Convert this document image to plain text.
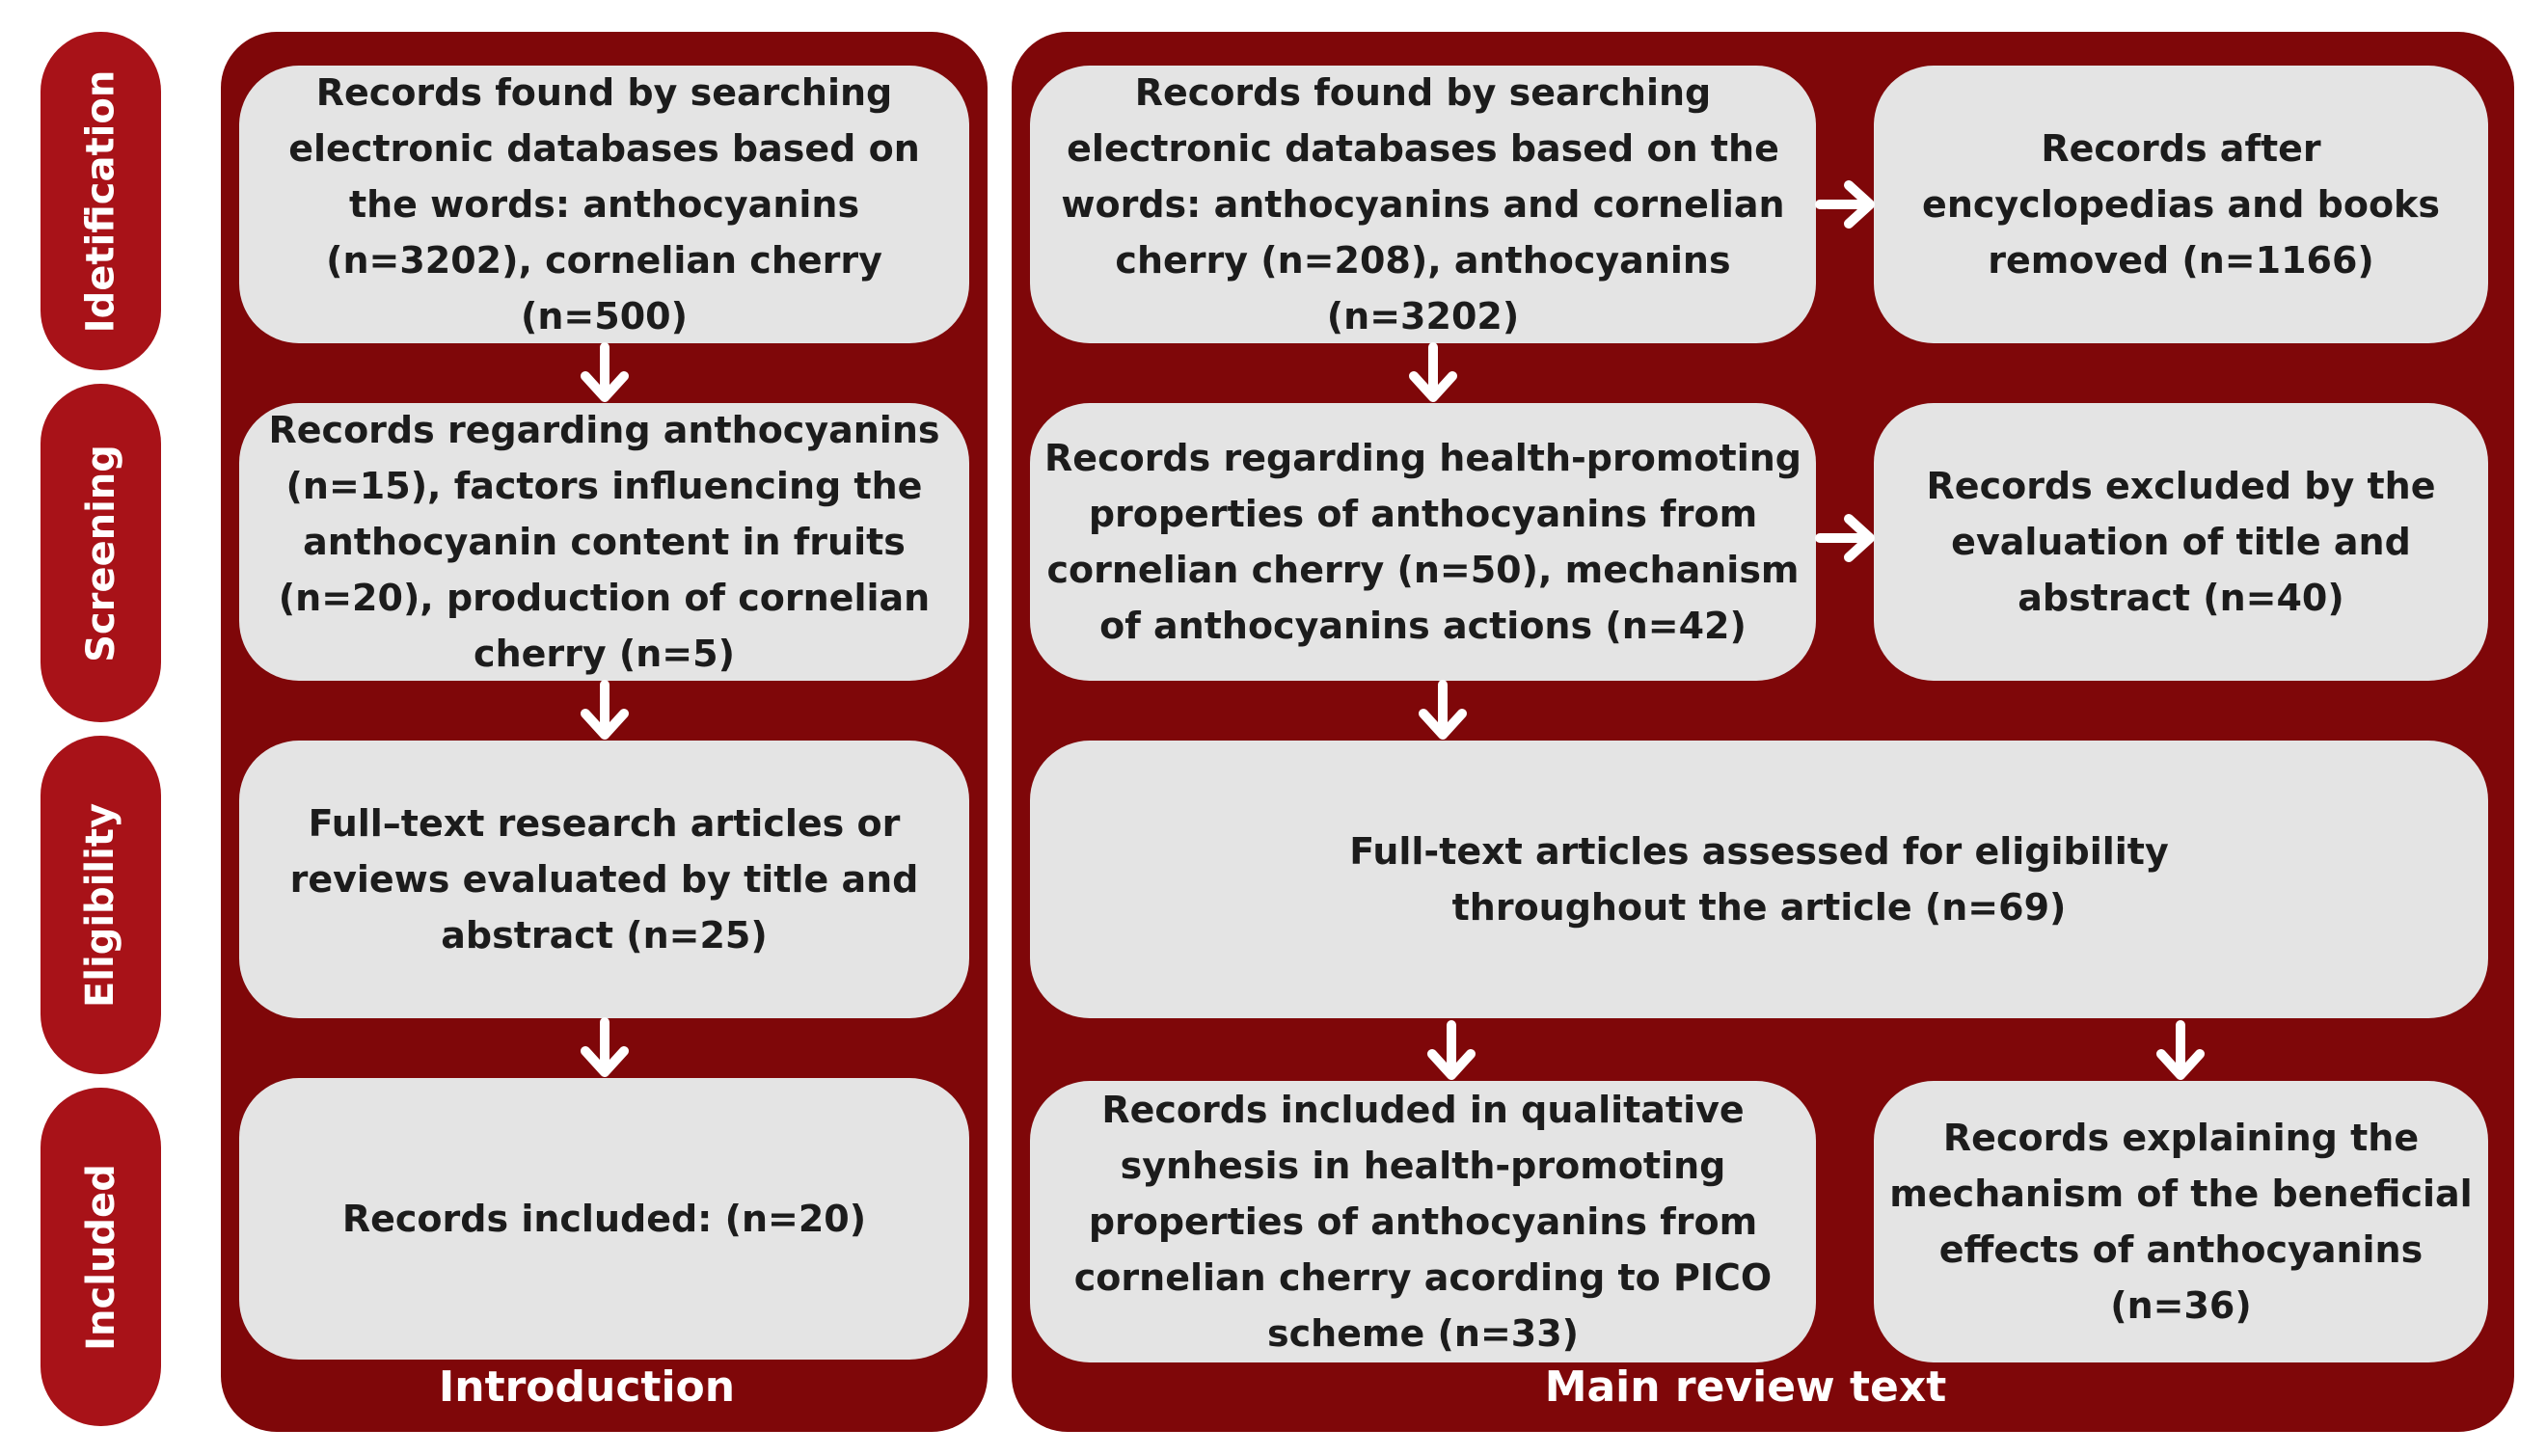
Idetification
Screening
Eligibility
Included
Introduction
Records found by searching electronic databases based on the words: anthocyanins (n=3202), cornelian cherry (n=500)
Records regarding anthocyanins (n=15), factors influencing the anthocyanin content in fruits (n=20), production of cornelian cherry (n=5)
Full–text research articles or reviews evaluated by title and abstract (n=25)
Records included: (n=20)
Main review text
Records found by searching electronic databases based on the words: anthocyanins and cornelian cherry (n=208), anthocyanins (n=3202)
Records after encyclopedias and books removed (n=1166)
Records regarding health-promoting properties of anthocyanins from cornelian cherry (n=50), mechanism of anthocyanins actions (n=42)
Records excluded by the evaluation of title and abstract (n=40)
Full-text articles assessed for eligibility throughout the article (n=69)
Records included in qualitative synhesis in health-promoting properties of anthocyanins from cornelian cherry acording to PICO scheme (n=33)
Records explaining the mechanism of the beneficial effects of anthocyanins (n=36)
